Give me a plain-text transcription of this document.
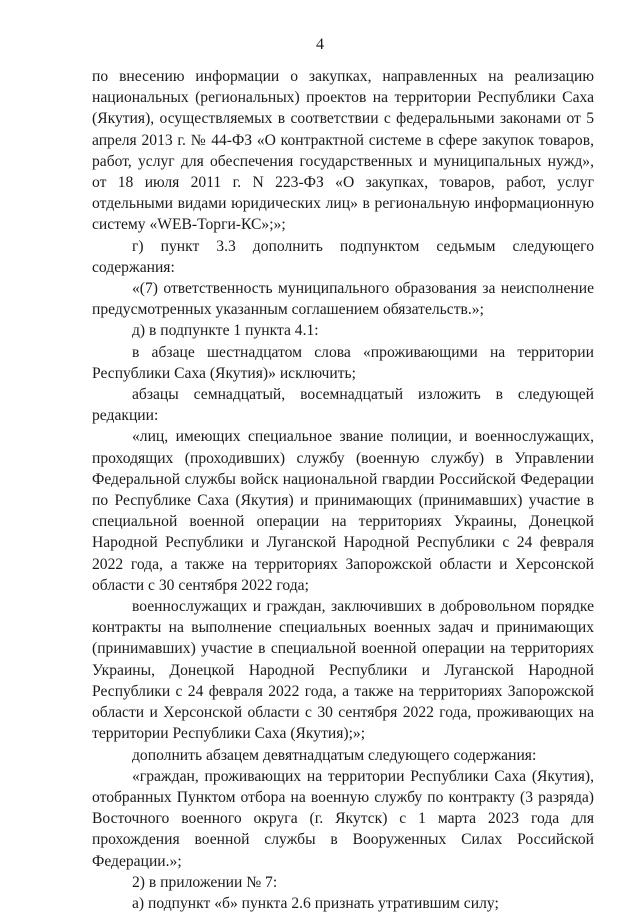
4

по внесению информации о закупках, направленных на реализацию национальных (региональных) проектов на территории Республики Саха (Якутия), осуществляемых в соответствии с федеральными законами от 5 апреля 2013 г. № 44-ФЗ «О контрактной системе в сфере закупок товаров, работ, услуг для обеспечения государственных и муниципальных нужд», от 18 июля 2011 г. N 223-ФЗ «О закупках, товаров, работ, услуг отдельными видами юридических лиц» в региональную информационную систему «WEB-Торги-КС»;»;

г) пункт 3.3 дополнить подпунктом седьмым следующего содержания:

«(7) ответственность муниципального образования за неисполнение предусмотренных указанным соглашением обязательств.»;

д) в подпункте 1 пункта 4.1:

в абзаце шестнадцатом слова «проживающими на территории Республики Саха (Якутия)» исключить;

абзацы семнадцатый, восемнадцатый изложить в следующей редакции:

«лиц, имеющих специальное звание полиции, и военнослужащих, проходящих (проходивших) службу (военную службу) в Управлении Федеральной службы войск национальной гвардии Российской Федерации по Республике Саха (Якутия) и принимающих (принимавших) участие в специальной военной операции на территориях Украины, Донецкой Народной Республики и Луганской Народной Республики с 24 февраля 2022 года, а также на территориях Запорожской области и Херсонской области с 30 сентября 2022 года;

военнослужащих и граждан, заключивших в добровольном порядке контракты на выполнение специальных военных задач и принимающих (принимавших) участие в специальной военной операции на территориях Украины, Донецкой Народной Республики и Луганской Народной Республики с 24 февраля 2022 года, а также на территориях Запорожской области и Херсонской области с 30 сентября 2022 года, проживающих на территории Республики Саха (Якутия);»;

дополнить абзацем девятнадцатым следующего содержания:

«граждан, проживающих на территории Республики Саха (Якутия), отобранных Пунктом отбора на военную службу по контракту (3 разряда) Восточного военного округа (г. Якутск) с 1 марта 2023 года для прохождения военной службы в Вооруженных Силах Российской Федерации.»;

2) в приложении № 7:

а) подпункт «б» пункта 2.6 признать утратившим силу;
